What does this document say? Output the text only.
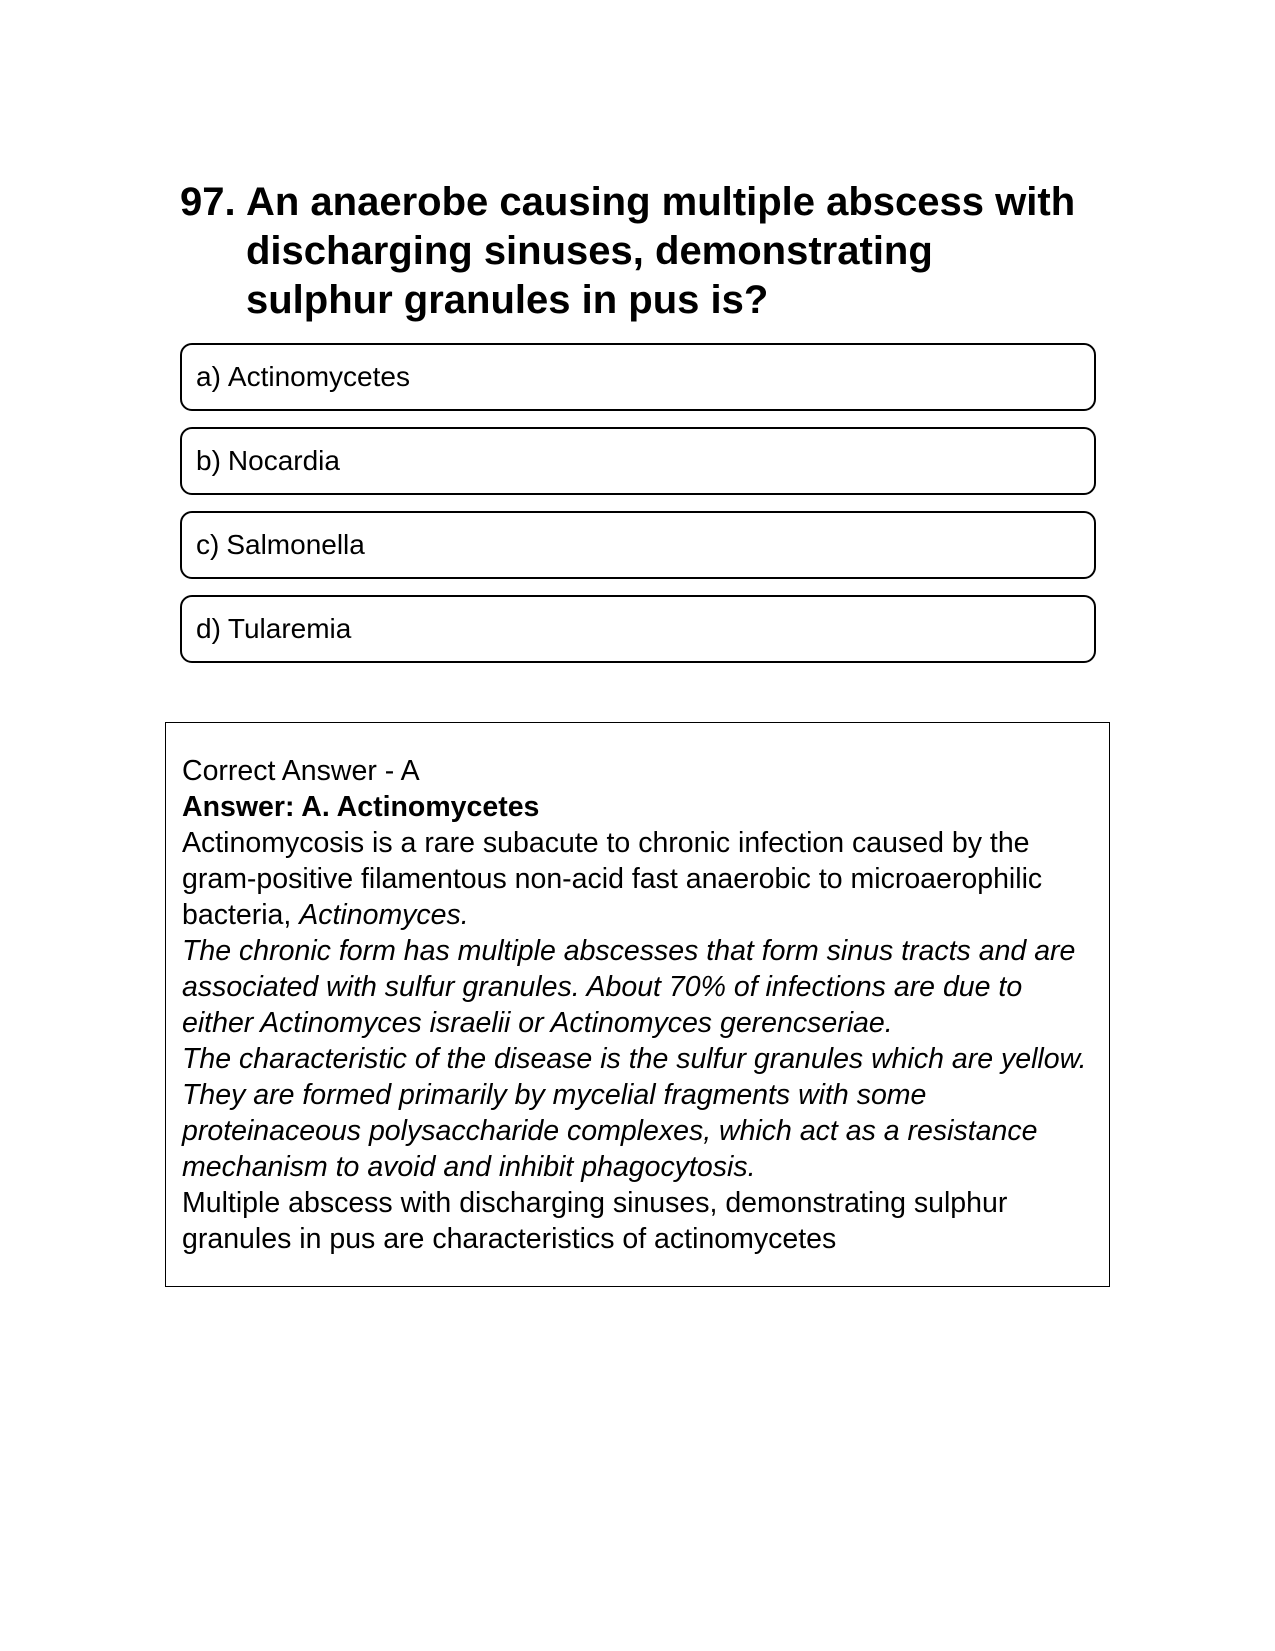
97. An anaerobe causing multiple abscess with discharging sinuses, demonstrating sulphur granules in pus is?
a) Actinomycetes
b) Nocardia
c) Salmonella
d) Tularemia

Correct Answer - A

Answer: A. Actinomycetes

Actinomycosis is a rare subacute to chronic infection caused by the gram-positive filamentous non-acid fast anaerobic to microaerophilic bacteria, Actinomyces.

The chronic form has multiple abscesses that form sinus tracts and are associated with sulfur granules. About 70% of infections are due to either Actinomyces israelii or Actinomyces gerencseriae.

The characteristic of the disease is the sulfur granules which are yellow. They are formed primarily by mycelial fragments with some proteinaceous polysaccharide complexes, which act as a resistance mechanism to avoid and inhibit phagocytosis.

Multiple abscess with discharging sinuses, demonstrating sulphur granules in pus are characteristics of actinomycetes
